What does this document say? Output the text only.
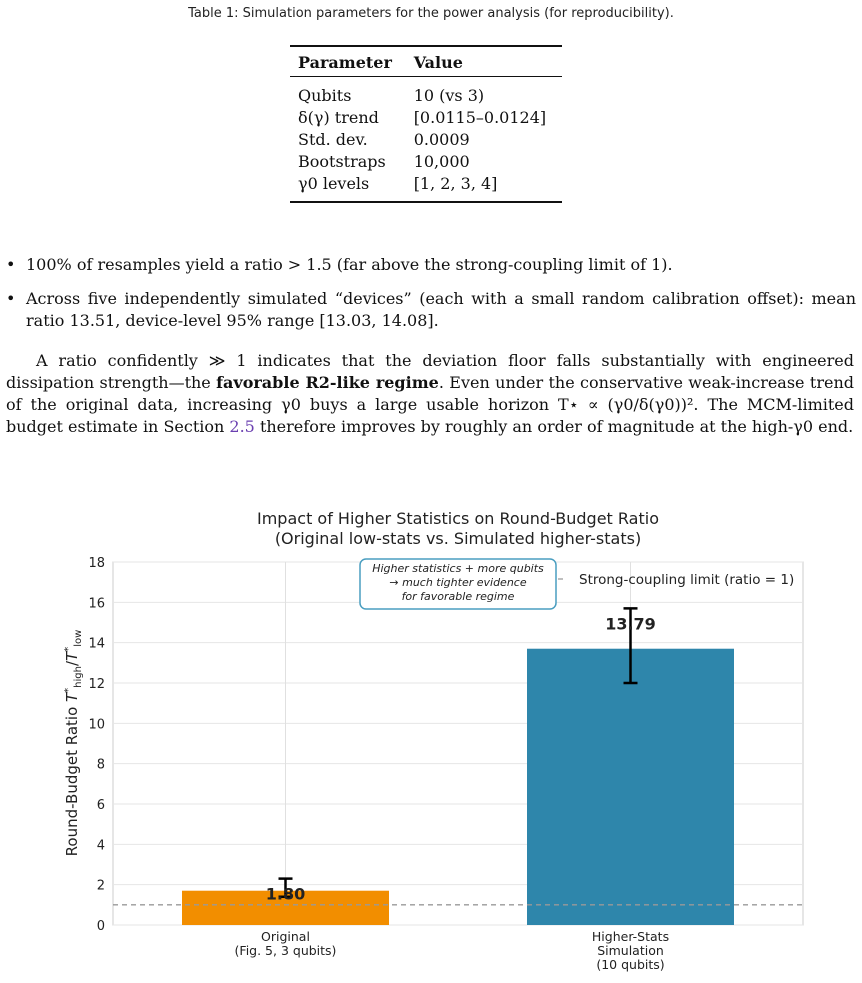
Table 1: Simulation parameters for the power analysis (for reproducibility).
Parameter	Value
Qubits	10 (vs 3)
δ(γ) trend	[0.0115–0.0124]
Std. dev.	0.0009
Bootstraps	10,000
γ0 levels	[1, 2, 3, 4]
• 100% of resamples yield a ratio > 1.5 (far above the strong-coupling limit of 1).
• Across five independently simulated “devices” (each with a small random calibration offset): mean ratio 13.51, device-level 95% range [13.03, 14.08].

A ratio confidently ≫ 1 indicates that the deviation floor falls substantially with engineered dissipation strength—the favorable R2-like regime. Even under the conservative weak-increase trend of the original data, increasing γ0 buys a large usable horizon T⋆ ∝ (γ0/δ(γ0))². The MCM-limited budget estimate in Section 2.5 therefore improves by roughly an order of magnitude at the high-γ0 end.

Impact of Higher Statistics on Round-Budget Ratio
(Original low-stats vs. Simulated higher-stats)
0
2
4
6
8
10
12
14
16
18
1.80
13.79
Strong-coupling limit (ratio = 1)
Higher statistics + more qubits
→ much tighter evidence
for favorable regime
Original
(Fig. 5, 3 qubits)
Higher-Stats
Simulation
(10 qubits)
Round-Budget Ratio $T^*_{high}/T^*_{low}$
